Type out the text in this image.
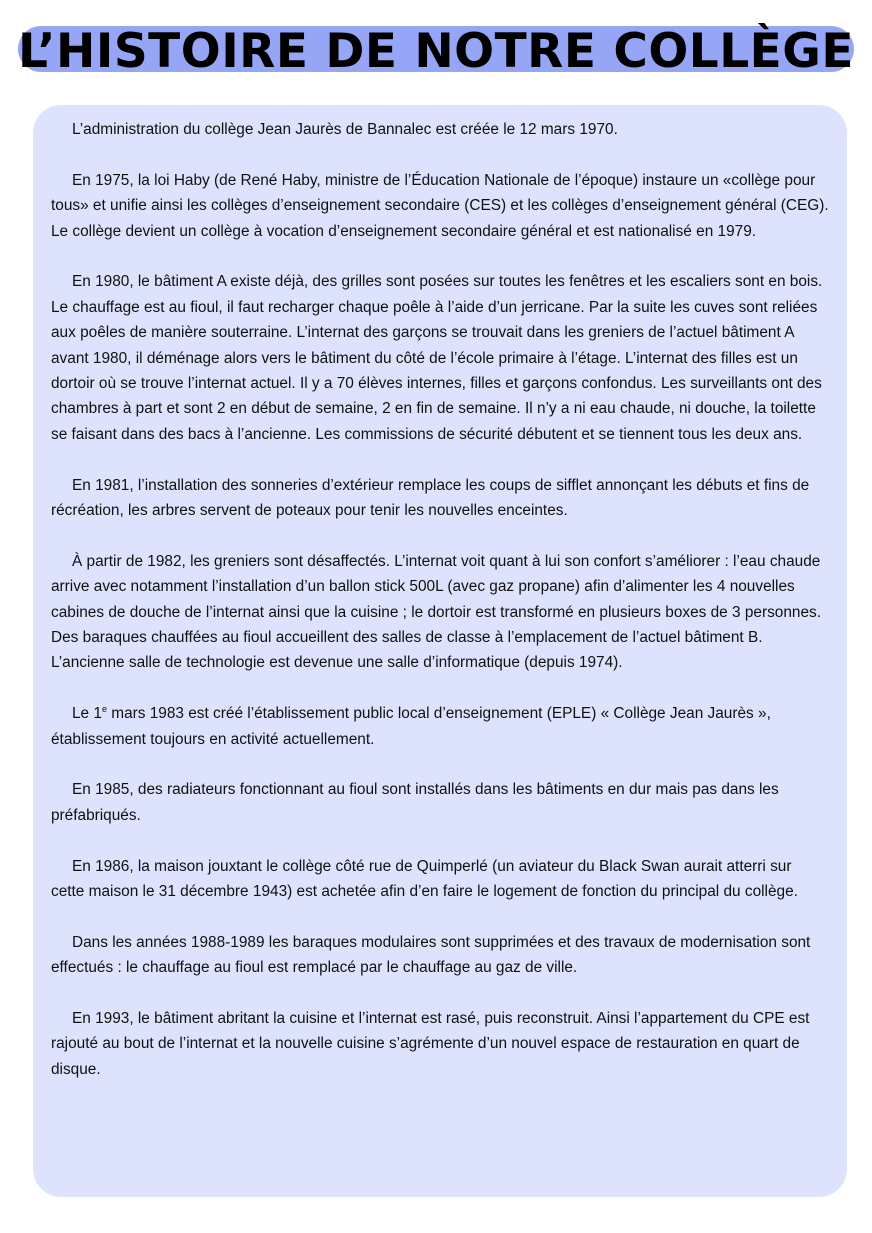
L’HISTOIRE DE NOTRE COLLÈGE

L’administration du collège Jean Jaurès de Bannalec est créée le 12 mars 1970.

En 1975, la loi Haby (de René Haby, ministre de l’Éducation Nationale de l’époque) instaure un «collège pour tous» et unifie ainsi les collèges d’enseignement secondaire (CES) et les collèges d’enseignement général (CEG). Le collège devient un collège à vocation d’enseignement secondaire général et est nationalisé en 1979.

En 1980, le bâtiment A existe déjà, des grilles sont posées sur toutes les fenêtres et les escaliers sont en bois. Le chauffage est au fioul, il faut recharger chaque poêle à l’aide d’un jerricane. Par la suite les cuves sont reliées aux poêles de manière souterraine. L’internat des garçons se trouvait dans les greniers de l’actuel bâtiment A avant 1980, il déménage alors vers le bâtiment du côté de l’école primaire à l’étage. L’internat des filles est un dortoir où se trouve l’internat actuel. Il y a 70 élèves internes, filles et garçons confondus. Les surveillants ont des chambres à part et sont 2 en début de semaine, 2 en fin de semaine. Il n’y a ni eau chaude, ni douche, la toilette se faisant dans des bacs à l’ancienne. Les commissions de sécurité débutent et se tiennent tous les deux ans.

En 1981, l’installation des sonneries d’extérieur remplace les coups de sifflet annonçant les débuts et fins de récréation, les arbres servent de poteaux pour tenir les nouvelles enceintes.

À partir de 1982, les greniers sont désaffectés. L’internat voit quant à lui son confort s’améliorer : l’eau chaude arrive avec notamment l’installation d’un ballon stick 500L (avec gaz propane) afin d’alimenter les 4 nouvelles cabines de douche de l’internat ainsi que la cuisine ; le dortoir est transformé en plusieurs boxes de 3 personnes. Des baraques chauffées au fioul accueillent des salles de classe à l’emplacement de l’actuel bâtiment B. L’ancienne salle de technologie est devenue une salle d’informatique (depuis 1974).

Le 1e mars 1983 est créé l’établissement public local d’enseignement (EPLE) « Collège Jean Jaurès », établissement toujours en activité actuellement.

En 1985, des radiateurs fonctionnant au fioul sont installés dans les bâtiments en dur mais pas dans les préfabriqués.

En 1986, la maison jouxtant le collège côté rue de Quimperlé (un aviateur du Black Swan aurait atterri sur cette maison le 31 décembre 1943) est achetée afin d’en faire le logement de fonction du principal du collège.

Dans les années 1988-1989 les baraques modulaires sont supprimées et des travaux de modernisation sont effectués : le chauffage au fioul est remplacé par le chauffage au gaz de ville.

En 1993, le bâtiment abritant la cuisine et l’internat est rasé, puis reconstruit. Ainsi l’appartement du CPE est rajouté au bout de l’internat et la nouvelle cuisine s’agrémente d’un nouvel espace de restauration en quart de disque.
